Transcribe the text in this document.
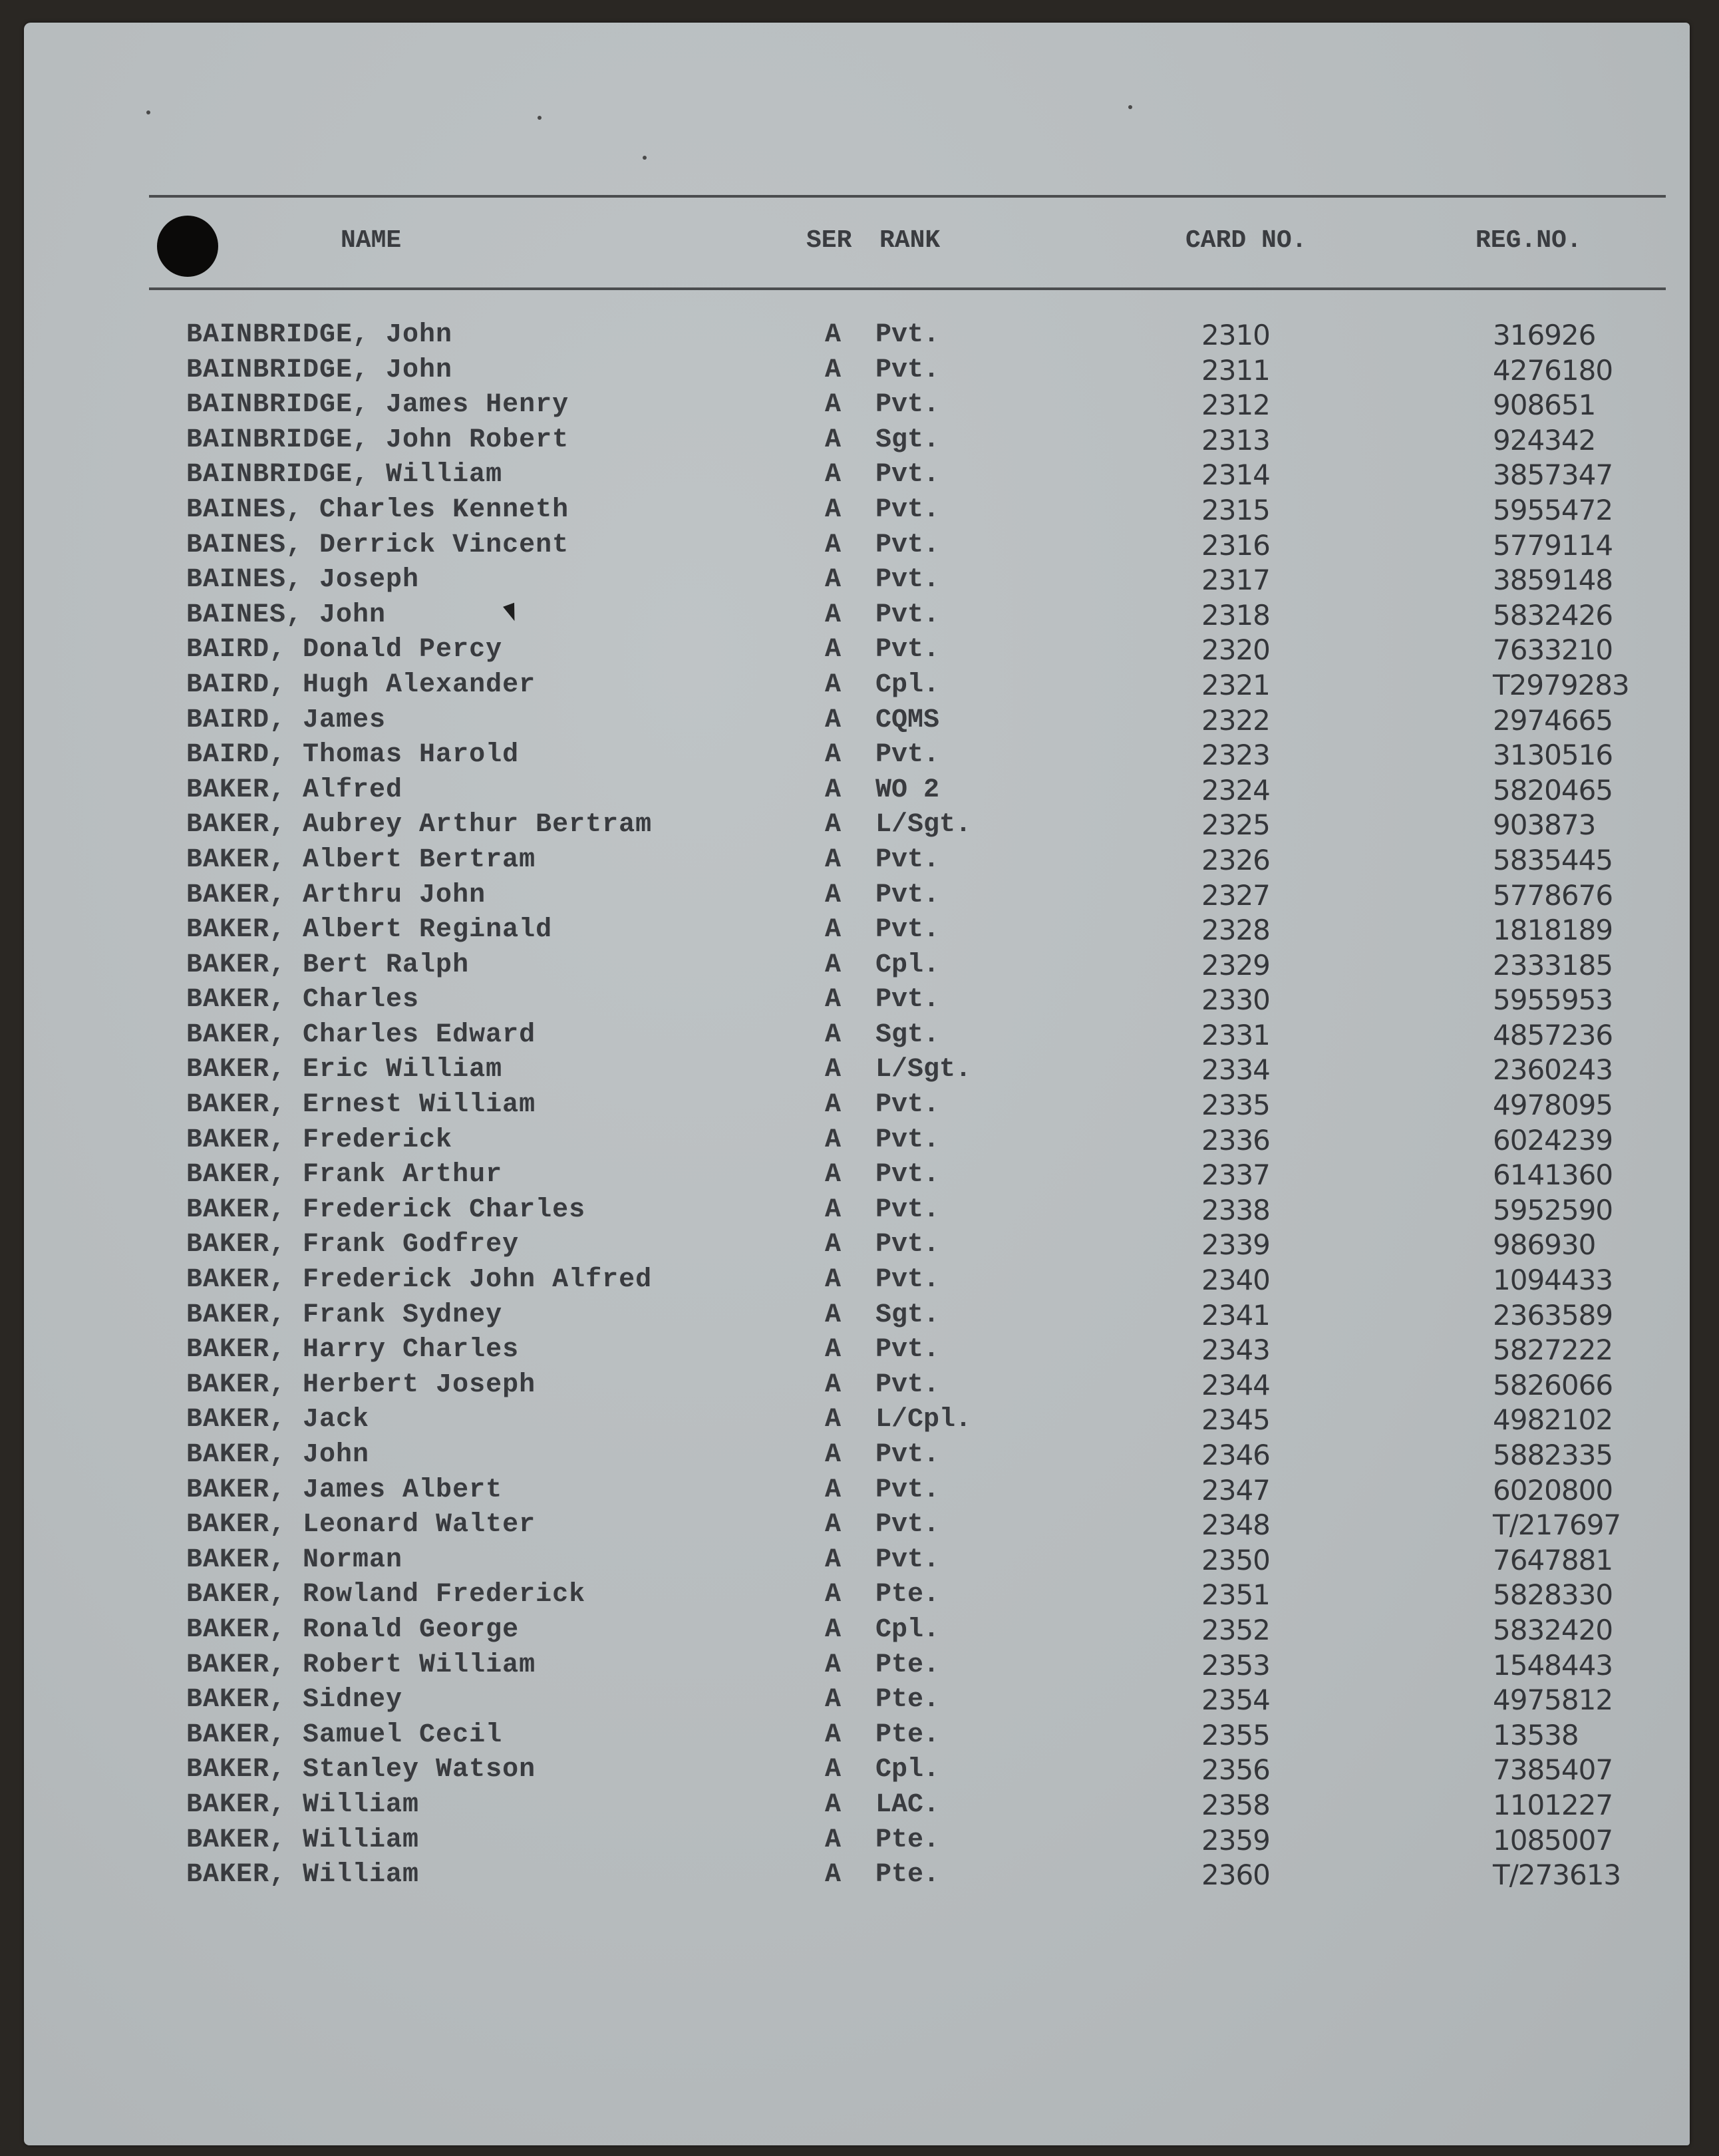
NAME	SER RANK	CARD NO.	REG.NO.
BAINBRIDGE, John	A Pvt.	2310	316926
BAINBRIDGE, John	A Pvt.	2311	4276180
BAINBRIDGE, James Henry	A Pvt.	2312	908651
BAINBRIDGE, John Robert	A Sgt.	2313	924342
BAINBRIDGE, William	A Pvt.	2314	3857347
BAINES, Charles Kenneth	A Pvt.	2315	5955472
BAINES, Derrick Vincent	A Pvt.	2316	5779114
BAINES, Joseph	A Pvt.	2317	3859148
BAINES, John	A Pvt.	2318	5832426
BAIRD, Donald Percy	A Pvt.	2320	7633210
BAIRD, Hugh Alexander	A Cpl.	2321	T2979283
BAIRD, James	A CQMS	2322	2974665
BAIRD, Thomas Harold	A Pvt.	2323	3130516
BAKER, Alfred	A WO 2	2324	5820465
BAKER, Aubrey Arthur Bertram	A L/Sgt.	2325	903873
BAKER, Albert Bertram	A Pvt.	2326	5835445
BAKER, Arthru John	A Pvt.	2327	5778676
BAKER, Albert Reginald	A Pvt.	2328	1818189
BAKER, Bert Ralph	A Cpl.	2329	2333185
BAKER, Charles	A Pvt.	2330	5955953
BAKER, Charles Edward	A Sgt.	2331	4857236
BAKER, Eric William	A L/Sgt.	2334	2360243
BAKER, Ernest William	A Pvt.	2335	4978095
BAKER, Frederick	A Pvt.	2336	6024239
BAKER, Frank Arthur	A Pvt.	2337	6141360
BAKER, Frederick Charles	A Pvt.	2338	5952590
BAKER, Frank Godfrey	A Pvt.	2339	986930
BAKER, Frederick John Alfred	A Pvt.	2340	1094433
BAKER, Frank Sydney	A Sgt.	2341	2363589
BAKER, Harry Charles	A Pvt.	2343	5827222
BAKER, Herbert Joseph	A Pvt.	2344	5826066
BAKER, Jack	A L/Cpl.	2345	4982102
BAKER, John	A Pvt.	2346	5882335
BAKER, James Albert	A Pvt.	2347	6020800
BAKER, Leonard Walter	A Pvt.	2348	T/217697
BAKER, Norman	A Pvt.	2350	7647881
BAKER, Rowland Frederick	A Pte.	2351	5828330
BAKER, Ronald George	A Cpl.	2352	5832420
BAKER, Robert William	A Pte.	2353	1548443
BAKER, Sidney	A Pte.	2354	4975812
BAKER, Samuel Cecil	A Pte.	2355	13538
BAKER, Stanley Watson	A Cpl.	2356	7385407
BAKER, William	A LAC.	2358	1101227
BAKER, William	A Pte.	2359	1085007
BAKER, William	A Pte.	2360	T/273613
